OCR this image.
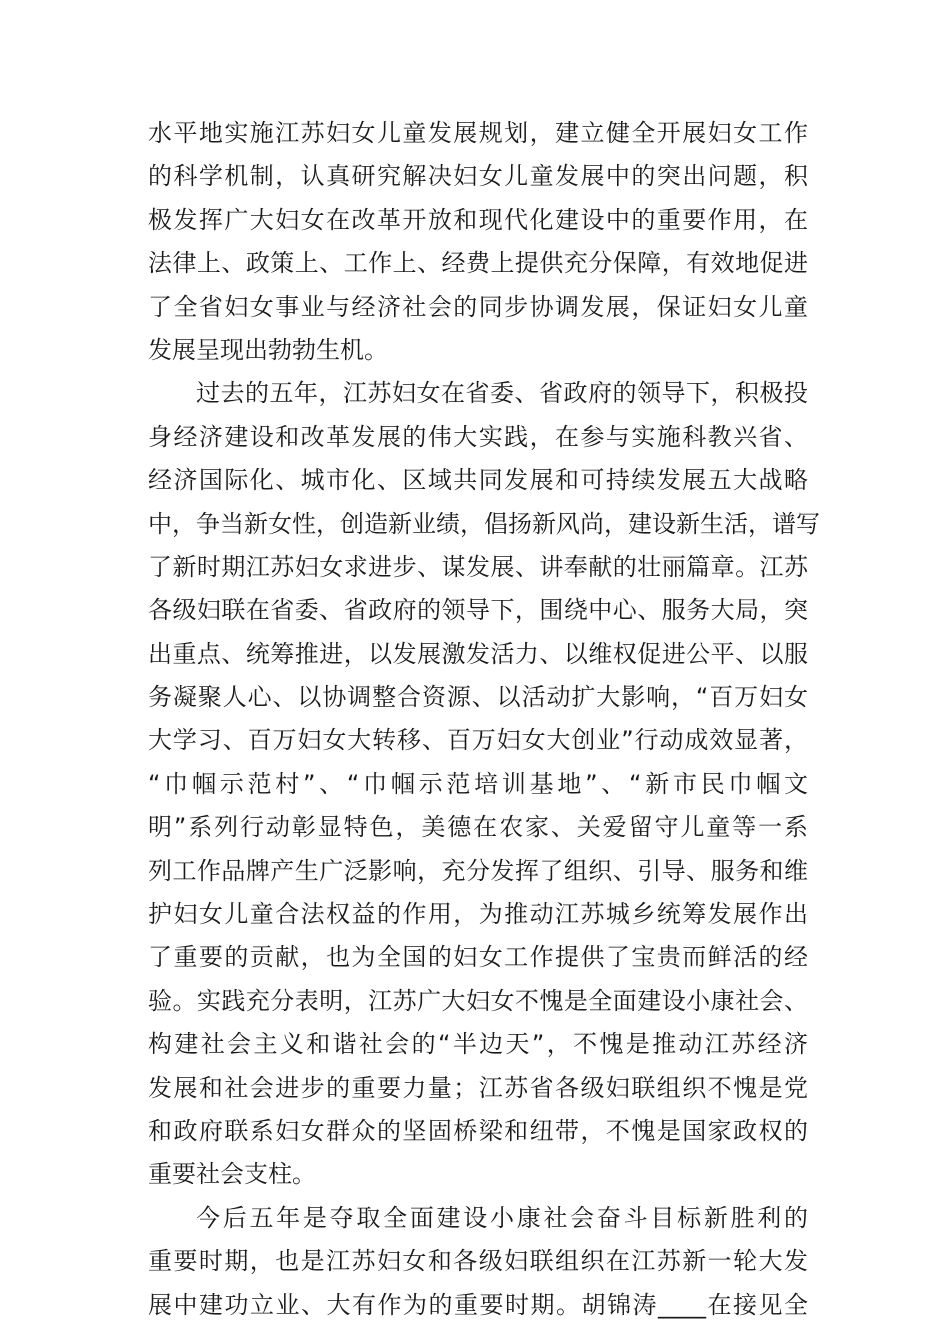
水平地实施江苏妇女儿童发展规划，建立健全开展妇女工作
的科学机制，认真研究解决妇女儿童发展中的突出问题，积
极发挥广大妇女在改革开放和现代化建设中的重要作用，在
法律上、政策上、工作上、经费上提供充分保障，有效地促进
了全省妇女事业与经济社会的同步协调发展，保证妇女儿童
发展呈现出勃勃生机。
过去的五年，江苏妇女在省委、省政府的领导下，积极投
身经济建设和改革发展的伟大实践，在参与实施科教兴省、
经济国际化、城市化、区域共同发展和可持续发展五大战略
中，争当新女性，创造新业绩，倡扬新风尚，建设新生活，谱写
了新时期江苏妇女求进步、谋发展、讲奉献的壮丽篇章。江苏
各级妇联在省委、省政府的领导下，围绕中心、服务大局，突
出重点、统筹推进，以发展激发活力、以维权促进公平、以服
务凝聚人心、以协调整合资源、以活动扩大影响，“百万妇女
大学习、百万妇女大转移、百万妇女大创业”行动成效显著，
“巾帼示范村”、“巾帼示范培训基地”、“新市民巾帼文
明”系列行动彰显特色，美德在农家、关爱留守儿童等一系
列工作品牌产生广泛影响，充分发挥了组织、引导、服务和维
护妇女儿童合法权益的作用，为推动江苏城乡统筹发展作出
了重要的贡献，也为全国的妇女工作提供了宝贵而鲜活的经
验。实践充分表明，江苏广大妇女不愧是全面建设小康社会、
构建社会主义和谐社会的“半边天”，不愧是推动江苏经济
发展和社会进步的重要力量；江苏省各级妇联组织不愧是党
和政府联系妇女群众的坚固桥梁和纽带，不愧是国家政权的
重要社会支柱。
今后五年是夺取全面建设小康社会奋斗目标新胜利的
重要时期，也是江苏妇女和各级妇联组织在江苏新一轮大发
展中建功立业、大有作为的重要时期。胡锦涛____在接见全
